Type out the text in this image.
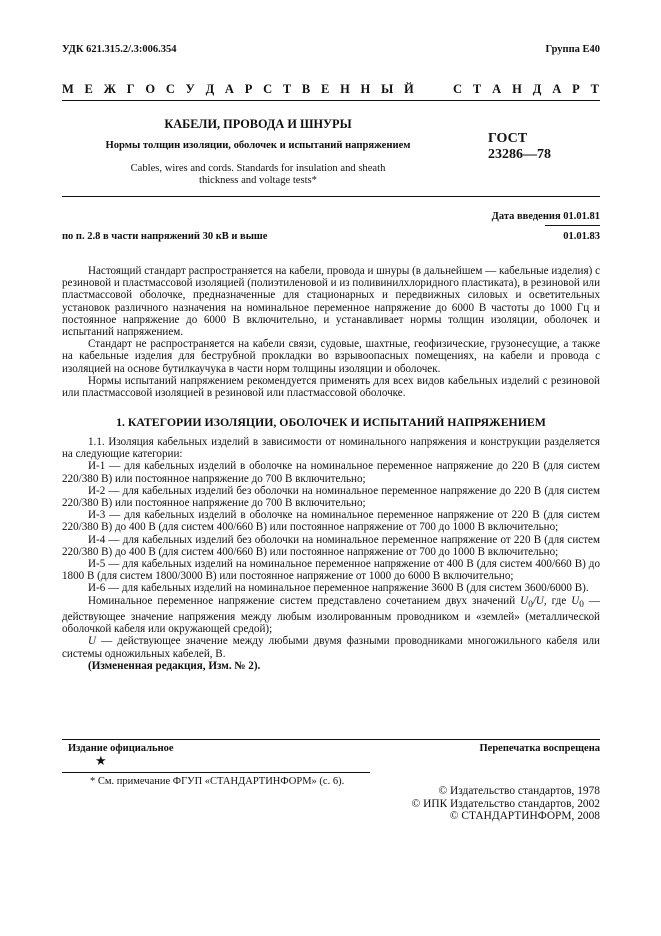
УДК 621.315.2/.3:006.354	Группа Е40
М Е Ж Г О С У Д А Р С Т В Е Н Н Ы Й	С Т А Н Д А Р Т
КАБЕЛИ, ПРОВОДА И ШНУРЫ
Нормы толщин изоляции, оболочек и испытаний напряжением
Cables, wires and cords. Standards for insulation and sheath
thickness and voltage tests*
ГОСТ
23286—78
Дата введения 01.01.81
по п. 2.8 в части напряжений 30 кВ и выше	01.01.83

Настоящий стандарт распространяется на кабели, провода и шнуры (в дальнейшем — кабельные изделия) с резиновой и пластмассовой изоляцией (полиэтиленовой и из поливинилхлоридного пластиката), в резиновой или пластмассовой оболочке, предназначенные для стационарных и передвижных силовых и осветительных установок различного назначения на номинальное переменное напряжение до 6000 В частоты до 1000 Гц и постоянное напряжение до 6000 В включительно, и устанавливает нормы толщин изоляции, оболочек и испытаний напряжением.

Стандарт не распространяется на кабели связи, судовые, шахтные, геофизические, грузонесущие, а также на кабельные изделия для беструбной прокладки во взрывоопасных помещениях, на кабели и провода с изоляцией на основе бутилкаучука в части норм толщины изоляции и оболочек.

Нормы испытаний напряжением рекомендуется применять для всех видов кабельных изделий с резиновой или пластмассовой изоляцией в резиновой или пластмассовой оболочке.

1. КАТЕГОРИИ ИЗОЛЯЦИИ, ОБОЛОЧЕК И ИСПЫТАНИЙ НАПРЯЖЕНИЕМ

1.1. Изоляция кабельных изделий в зависимости от номинального напряжения и конструкции разделяется на следующие категории:

И-1 — для кабельных изделий в оболочке на номинальное переменное напряжение до 220 В (для систем 220/380 В) или постоянное напряжение до 700 В включительно;

И-2 — для кабельных изделий без оболочки на номинальное переменное напряжение до 220 В (для систем 220/380 В) или постоянное напряжение до 700 В включительно;

И-3 — для кабельных изделий в оболочке на номинальное переменное напряжение от 220 В (для систем 220/380 В) до 400 В (для систем 400/660 В) или постоянное напряжение от 700 до 1000 В включительно;

И-4 — для кабельных изделий без оболочки на номинальное переменное напряжение от 220 В (для систем 220/380 В) до 400 В (для систем 400/660 В) или постоянное напряжение от 700 до 1000 В включительно;

И-5 — для кабельных изделий на номинальное переменное напряжение от 400 В (для систем 400/660 В) до 1800 В (для систем 1800/3000 В) или постоянное напряжение от 1000 до 6000 В включительно;

И-6 — для кабельных изделий на номинальное переменное напряжение 3600 В (для систем 3600/6000 В).

Номинальное переменное напряжение систем представлено сочетанием двух значений $U_0/U$, где $U_0$ — действующее значение напряжения между любым изолированным проводником и «землей» (металлической оболочкой кабеля или окружающей средой);

U — действующее значение между любыми двумя фазными проводниками многожильного кабеля или системы одножильных кабелей, В.

(Измененная редакция, Изм. № 2).

Издание официальное
★
Перепечатка воспрещена
* См. примечание ФГУП «СТАНДАРТИНФОРМ» (с. 6).
© Издательство стандартов, 1978
© ИПК Издательство стандартов, 2002
© СТАНДАРТИНФОРМ, 2008
